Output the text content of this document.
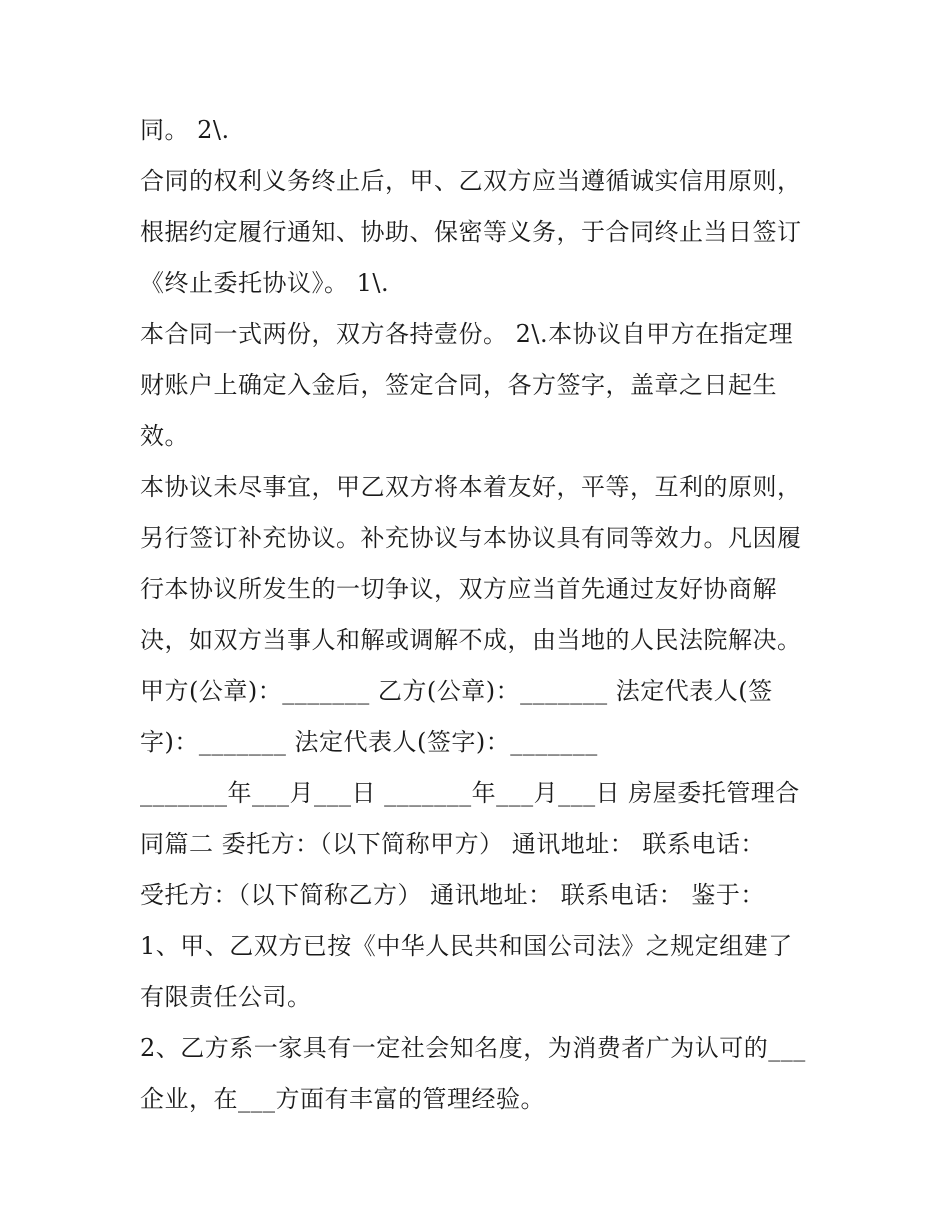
同。 2\.
合同的权利义务终止后，甲、乙双方应当遵循诚实信用原则，
根据约定履行通知、协助、保密等义务，于合同终止当日签订
《终止委托协议》。 1\.
本合同一式两份，双方各持壹份。 2\.本协议自甲方在指定理
财账户上确定入金后，签定合同，各方签字，盖章之日起生
效。
本协议未尽事宜，甲乙双方将本着友好，平等，互利的原则，
另行签订补充协议。补充协议与本协议具有同等效力。凡因履
行本协议所发生的一切争议，双方应当首先通过友好协商解
决，如双方当事人和解或调解不成，由当地的人民法院解决。
甲方(公章)：_______ 乙方(公章)：_______ 法定代表人(签
字)：_______ 法定代表人(签字)：_______
_______年___月___日 _______年___月___日 房屋委托管理合
同篇二 委托方：（以下简称甲方） 通讯地址： 联系电话：
受托方：（以下简称乙方） 通讯地址： 联系电话： 鉴于：
1、甲、乙双方已按《中华人民共和国公司法》之规定组建了
有限责任公司。
2、乙方系一家具有一定社会知名度，为消费者广为认可的___
企业，在___方面有丰富的管理经验。
